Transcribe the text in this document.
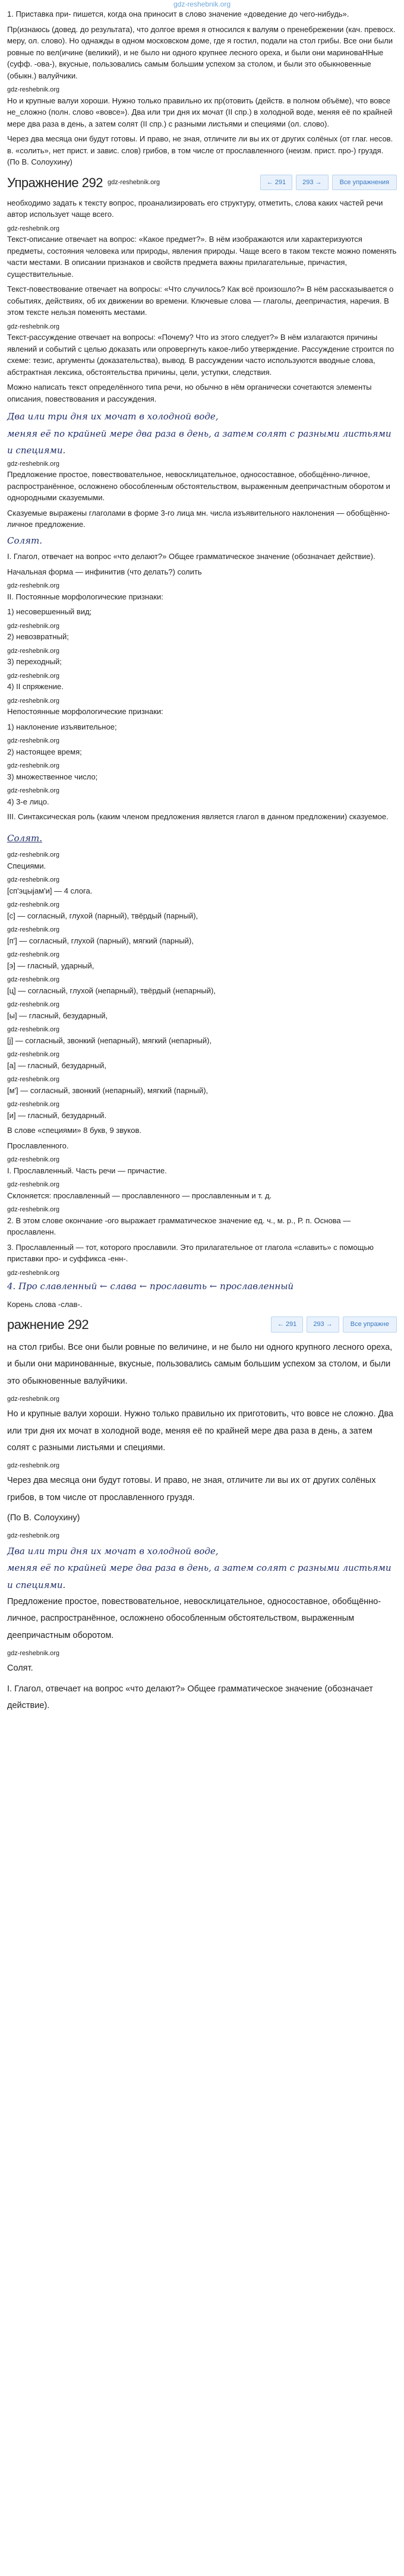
gdz-reshebnik.org

1. Приставка при- пишется, когда она приносит в слово значение «доведение до чего-нибудь».

Пр(изнаюсь (довед. до результата), что долгое время я относился к валуям о пренебрежении (кач. превосх. меру, ол. слово). Но однажды в одном московском доме, где я гостил, подали на стол грибы. Все они были ровные по вел(ичине (великий), и не было ни одного крупнее лесного ореха, и были они мариноваННые (суфф. -ова-), вкусные, пользовались самым большим успехом за столом, и были это обыкновенные (обыкн.) валуйчики.

gdz-reshebnik.org

Но и крупные валуи хороши. Нужно только правильно их пр(отовить (действ. в полном объёме), что вовсе не_сложно (полн. слово «вовсе»). Два или три дня их мочат (II спр.) в холодной воде, меняя её по крайней мере два раза в день, а затем солят (II спр.) с разными листьями и специями (ол. слово).

Через два месяца они будут готовы. И право, не зная, отличите ли вы их от других солёных (от глаг. несов. в. «солить», нет прист. и завис. слов) грибов, в том числе от прославленного (неизм. прист. про-) груздя. (По В. Солоухину)

Упражнение 292 gdz-reshebnik.org	← 291	293 →	Все упражнения

необходимо задать к тексту вопрос, проанализировать его структуру, отметить, слова каких частей речи автор использует чаще всего.

gdz-reshebnik.org

Текст-описание отвечает на вопрос: «Какое предмет?». В нём изображаются или характеризуются предметы, состояния человека или природы, явления природы. Чаще всего в таком тексте можно поменять части местами. В описании признаков и свойств предмета важны прилагательные, причастия, существительные.

Текст-повествование отвечает на вопросы: «Что случилось? Как всё произошло?» В нём рассказывается о событиях, действиях, об их движении во времени. Ключевые слова — глаголы, деепричастия, наречия. В этом тексте нельзя поменять местами.

gdz-reshebnik.org

Текст-рассуждение отвечает на вопросы: «Почему? Что из этого следует?» В нём излагаются причины явлений и событий с целью доказать или опровергнуть какое-либо утверждение. Рассуждение строится по схеме: тезис, аргументы (доказательства), вывод. В рассуждении часто используются вводные слова, абстрактная лексика, обстоятельства причины, цели, уступки, следствия.

Можно написать текст определённого типа речи, но обычно в нём органически сочетаются элементы описания, повествования и рассуждения.

Два или три дня их мочат в холодной воде,
меняя её по крайней мере два раза в день, а затем солят с разными листьями и специями.
gdz-reshebnik.org

Предложение простое, повествовательное, невосклицательное, односоставное, обобщённо-личное, распространённое, осложнено обособленным обстоятельством, выраженным деепричастным оборотом и однородными сказуемыми.

Сказуемые выражены глаголами в форме 3-го лица мн. числа изъявительного наклонения — обобщённо-личное предложение.

Солят.

I. Глагол, отвечает на вопрос «что делают?» Общее грамматическое значение (обозначает действие).

Начальная форма — инфинитив (что делать?) солить

gdz-reshebnik.org

II. Постоянные морфологические признаки:

1) несовершенный вид;

gdz-reshebnik.org

2) невозвратный;

gdz-reshebnik.org

3) переходный;

gdz-reshebnik.org

4) II спряжение.

gdz-reshebnik.org

Непостоянные морфологические признаки:

1) наклонение изъявительное;

gdz-reshebnik.org

2) настоящее время;

gdz-reshebnik.org

3) множественное число;

gdz-reshebnik.org

4) 3-е лицо.

III. Синтаксическая роль (каким членом предложения является глагол в данном предложении) сказуемое.

Солят.

gdz-reshebnik.org

Специями.

gdz-reshebnik.org

[сп'эцыjам'и] — 4 слога.

gdz-reshebnik.org

[с] — согласный, глухой (парный), твёрдый (парный),

gdz-reshebnik.org

[п'] — согласный, глухой (парный), мягкий (парный),

gdz-reshebnik.org

[э] — гласный, ударный,

gdz-reshebnik.org

[ц] — согласный, глухой (непарный), твёрдый (непарный),

gdz-reshebnik.org

[ы] — гласный, безударный,

gdz-reshebnik.org

[j] — согласный, звонкий (непарный), мягкий (непарный),

gdz-reshebnik.org

[а] — гласный, безударный,

gdz-reshebnik.org

[м'] — согласный, звонкий (непарный), мягкий (парный),

gdz-reshebnik.org

[и] — гласный, безударный.

В слове «специями» 8 букв, 9 звуков.

Прославленного.

gdz-reshebnik.org

I. Прославленный. Часть речи — причастие.

gdz-reshebnik.org

Склоняется: прославленный — прославленного — прославленным и т. д.

gdz-reshebnik.org

2. В этом слове окончание -ого выражает грамматическое значение ед. ч., м. р., Р. п. Основа — прославленн.

3. Прославленный — тот, которого прославили. Это прилагательное от глагола «славить» с помощью приставки про- и суффикса -енн-.

gdz-reshebnik.org

4. Про славленный ← слава ← прославить ← прославленный

Корень слова -слав-.

ражнение 292	← 291	293 →	Все упражне

на стол грибы. Все они были ровные по величине, и не было ни одного крупного лесного ореха, и были они маринованные, вкусные, пользовались самым большим успехом за столом, и были это обыкновенные валуйчики.

gdz-reshebnik.org

Но и крупные валуи хороши. Нужно только правильно их приготовить, что вовсе не сложно. Два или три дня их мочат в холодной воде, меняя её по крайней мере два раза в день, а затем солят с разными листьями и специями.

gdz-reshebnik.org

Через два месяца они будут готовы. И право, не зная, отличите ли вы их от других солёных грибов, в том числе от прославленного груздя.

(По В. Солоухину)

gdz-reshebnik.org
Два или три дня их мочат в холодной воде,
меняя её по крайней мере два раза в день, а затем солят с разными листьями и специями.

Предложение простое, повествовательное, невосклицательное, односоставное, обобщённо-личное, распространённое, осложнено обособленным обстоятельством, выраженным деепричастным оборотом.

gdz-reshebnik.org

Солят.

I. Глагол, отвечает на вопрос «что делают?» Общее грамматическое значение (обозначает действие).
